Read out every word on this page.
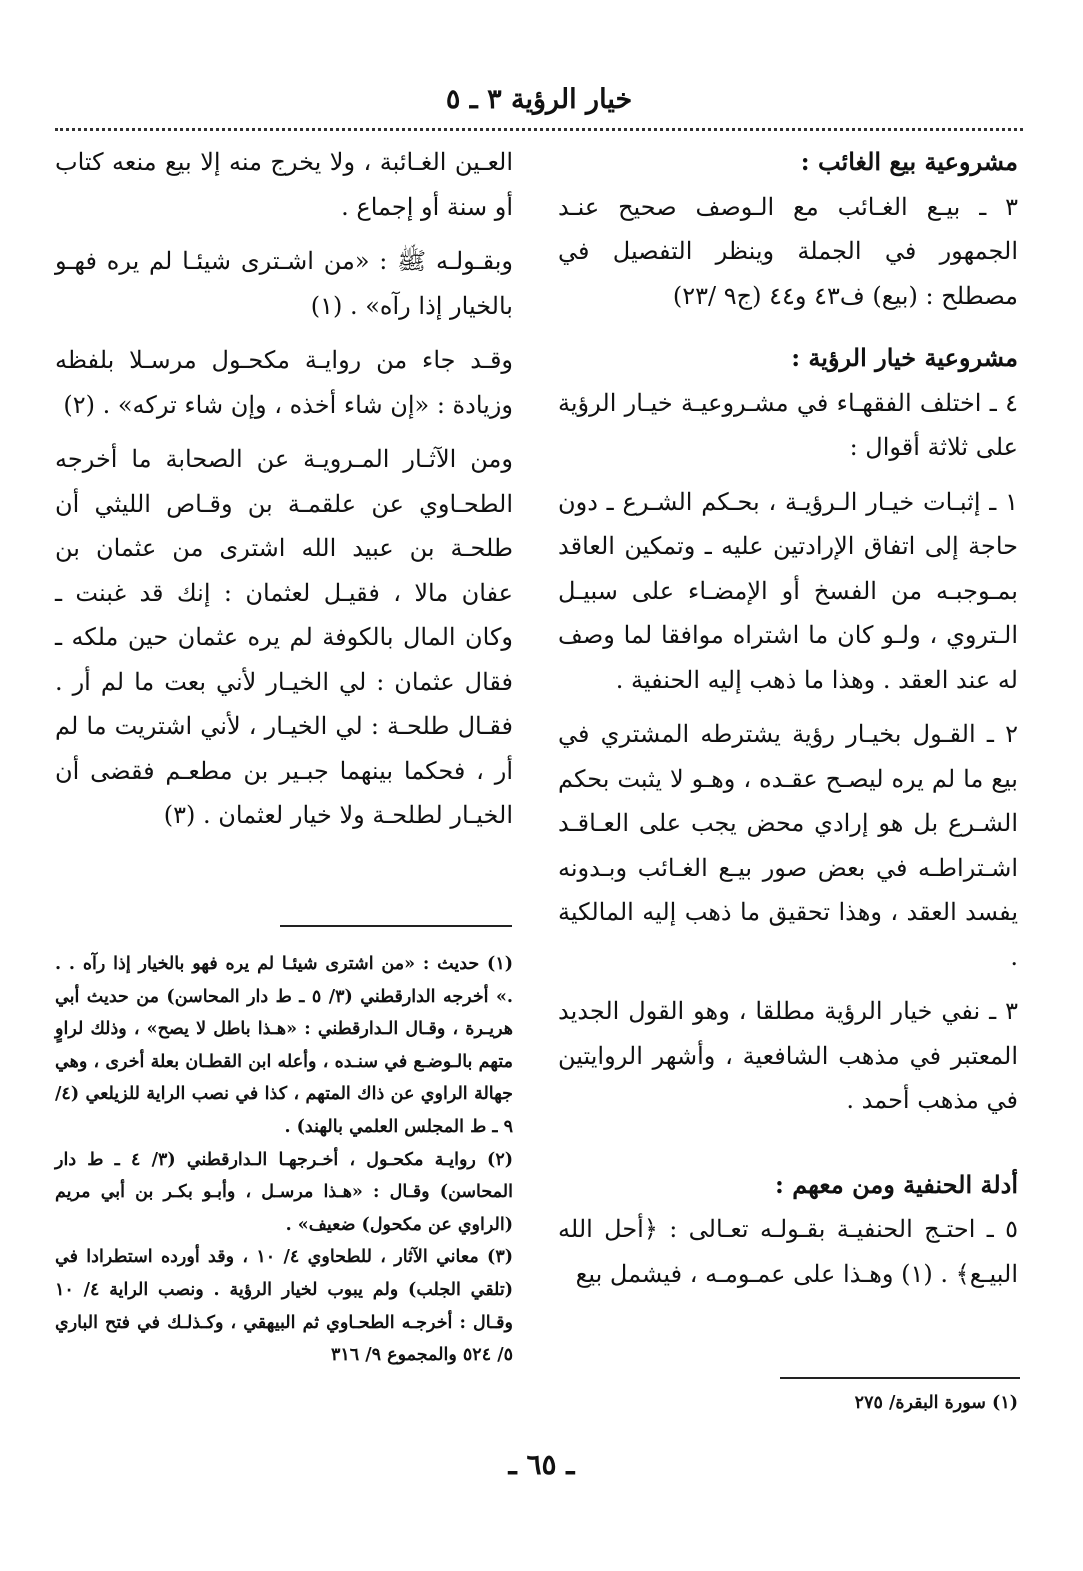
خيار الرؤية ٣ ـ ٥

مشروعية بيع الغائب :

٣ ـ بيـع الغـائب مع الـوصف صحيح عنـد الجمهور في الجملة وينظر التفصيل في مصطلح : (بيع) ف٤٣ و٤٤ (ج٩ /٢٣)

مشروعية خيار الرؤية :

٤ ـ اختلف الفقهـاء في مشـروعيـة خيـار الرؤية على ثلاثة أقوال :

١ ـ إثبـات خيـار الـرؤيـة ، بحـكم الشـرع ـ دون حاجة إلى اتفاق الإرادتين عليه ـ وتمكين العاقد بمـوجبـه من الفسخ أو الإمضـاء على سبيـل الـتروي ، ولـو كان ما اشتراه موافقا لما وصف له عند العقد . وهذا ما ذهب إليه الحنفية .

٢ ـ القـول بخيـار رؤية يشترطه المشتري في بيع ما لم يره ليصـح عقـده ، وهـو لا يثبت بحكم الشـرع بل هو إرادي محض يجب على العـاقـد اشـتراطـه في بعض صور بيـع الغـائب وبـدونه يفسد العقد ، وهذا تحقيق ما ذهب إليه المالكية .

٣ ـ نفي خيار الرؤية مطلقا ، وهو القول الجديد المعتبر في مذهب الشافعية ، وأشهر الروايتين في مذهب أحمد .

أدلة الحنفية ومن معهم :

٥ ـ احتـج الحنفيـة بقـولـه تعـالى : ﴿أحل الله البيـع﴾ . (١) وهـذا على عمـومـه ، فيشمل بيع

العـين الغـائبة ، ولا يخرج منه إلا بيع منعه كتاب أو سنة أو إجماع .

وبقـولـه ﷺ : «من اشـترى شيئـا لم يره فهـو بالخيار إذا رآه» . (١)

وقـد جاء من روايـة مكحـول مرسـلا بلفظه وزيادة : «إن شاء أخذه ، وإن شاء تركه» . (٢)

ومن الآثـار المـرويـة عن الصحابة ما أخرجه الطحـاوي عن علقمـة بن وقـاص الليثي أن طلحـة بن عبيد الله اشترى من عثمان بن عفان مالا ، فقيـل لعثمان : إنك قد غبنت ـ وكان المال بالكوفة لم يره عثمان حين ملكه ـ فقال عثمان : لي الخيـار لأني بعت ما لم أر . فقـال طلحـة : لي الخيـار ، لأني اشتريت ما لم أر ، فحكما بينهما جبـير بن مطعـم فقضى أن الخيـار لطلحـة ولا خيار لعثمان . (٣)

(١) حديث : «من اشترى شيئـا لم يره فهو بالخيار إذا رآه . . .» أخرجه الدارقطني (٣/ ٥ ـ ط دار المحاسن) من حديث أبي هريـرة ، وقـال الـدارقطني : «هـذا باطل لا يصح» ، وذلك لراوٍ متهم بالـوضـع في سنـده ، وأعله ابن القطـان بعلة أخرى ، وهي جهالة الراوي عن ذاك المتهم ، كذا في نصب الراية للزيلعي (٤/ ٩ ـ ط المجلس العلمي بالهند) .

(٢) روايـة مكحـول ، أخـرجهـا الـدارقطني (٣/ ٤ ـ ط دار المحاسن) وقـال : «هـذا مرسـل ، وأبـو بكـر بن أبي مريم (الراوي عن مكحول) ضعيف» .

(٣) معاني الآثار ، للطحاوي ٤/ ١٠ ، وقد أورده استطرادا في (تلقي الجلب) ولم يبوب لخيار الرؤية . ونصب الراية ٤/ ١٠ وقـال : أخرجـه الطحـاوي ثم البيهقي ، وكـذلـك في فتح الباري ٥/ ٥٢٤ والمجموع ٩/ ٣١٦

(١) سورة البقرة/ ٢٧٥

ـ ٦٥ ـ
